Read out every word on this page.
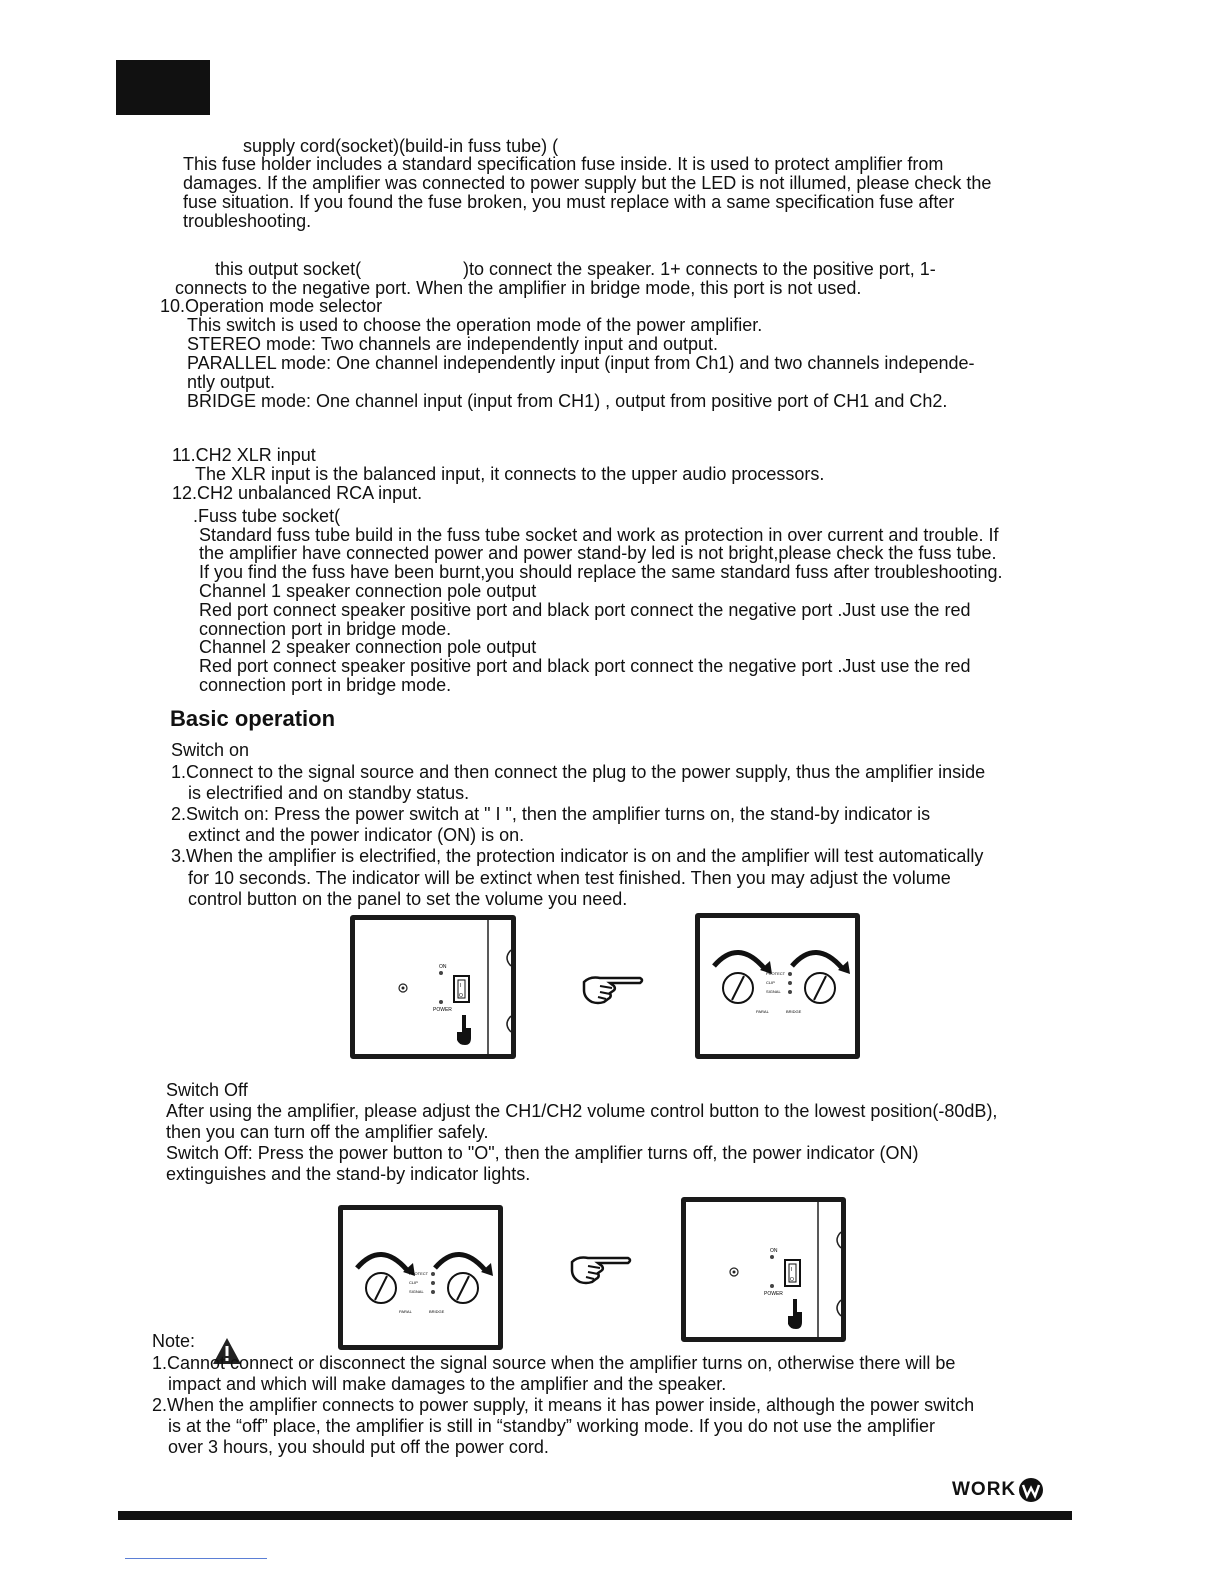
supply cord(socket)(build-in fuss tube) (
This fuse holder includes a standard specification fuse inside. It is used to protect amplifier from
damages. If the amplifier was connected to power supply but the LED is not illumed, please check the
fuse situation. If you found the fuse broken, you must replace with a same specification fuse after
troubleshooting.
this output socket(	)to connect the speaker. 1+ connects to the positive port, 1-
connects to the negative port. When the amplifier in bridge mode, this port is not used.
10.Operation mode selector
This switch is used to choose the operation mode of the power amplifier.
STEREO mode: Two channels are independently input and output.
PARALLEL mode: One channel independently input (input from Ch1) and two channels independe-
ntly output.
BRIDGE mode: One channel input (input from CH1) , output from positive port of CH1 and Ch2.
11.CH2 XLR input
The XLR input is the balanced input, it connects to the upper audio processors.
12.CH2 unbalanced RCA input.
.Fuss tube socket(
Standard fuss tube build in the fuss tube socket and work as protection in over current and trouble. If
the amplifier have connected power and power stand-by led is not bright,please check the fuss tube.
If you find the fuss have been burnt,you should replace the same standard fuss after troubleshooting.
Channel 1 speaker connection pole output
Red port connect speaker positive port and black port connect the negative port .Just use the red
connection port in bridge mode.
Channel 2 speaker connection pole output
Red port connect speaker positive port and black port connect the negative port .Just use the red
connection port in bridge mode.
Basic operation
Switch on
1.Connect to the signal source and then connect the plug to the power supply, thus the amplifier inside
is electrified and on standby status.
2.Switch on: Press the power switch at " I ", then the amplifier turns on, the stand-by indicator is
extinct and the power indicator (ON) is on.
3.When the amplifier is electrified, the protection indicator is on and the amplifier will test automatically
for 10 seconds. The indicator will be extinct when test finished. Then you may adjust the volume
control button on the panel to set the volume you need.
ON
POWER
I
O
PROTECT
CLIP
SIGNAL
PARAL	BRIDGE
Switch Off
After using the amplifier, please adjust the CH1/CH2 volume control button to the lowest position(-80dB),
then you can turn off the amplifier safely.
Switch Off: Press the power button to "O", then the amplifier turns off, the power indicator (ON)
extinguishes and the stand-by indicator lights.
PROTECT
CLIP
SIGNAL
PARAL	BRIDGE
ON
POWER
I
O
Note:
1.Cannot connect or disconnect the signal source when the amplifier turns on, otherwise there will be
impact and which will make damages to the amplifier and the speaker.
2.When the amplifier connects to power supply, it means it has power inside, although the power switch
is at the “off” place, the amplifier is still in “standby” working mode. If you do not use the amplifier
over 3 hours, you should put off the power cord.
WORK
